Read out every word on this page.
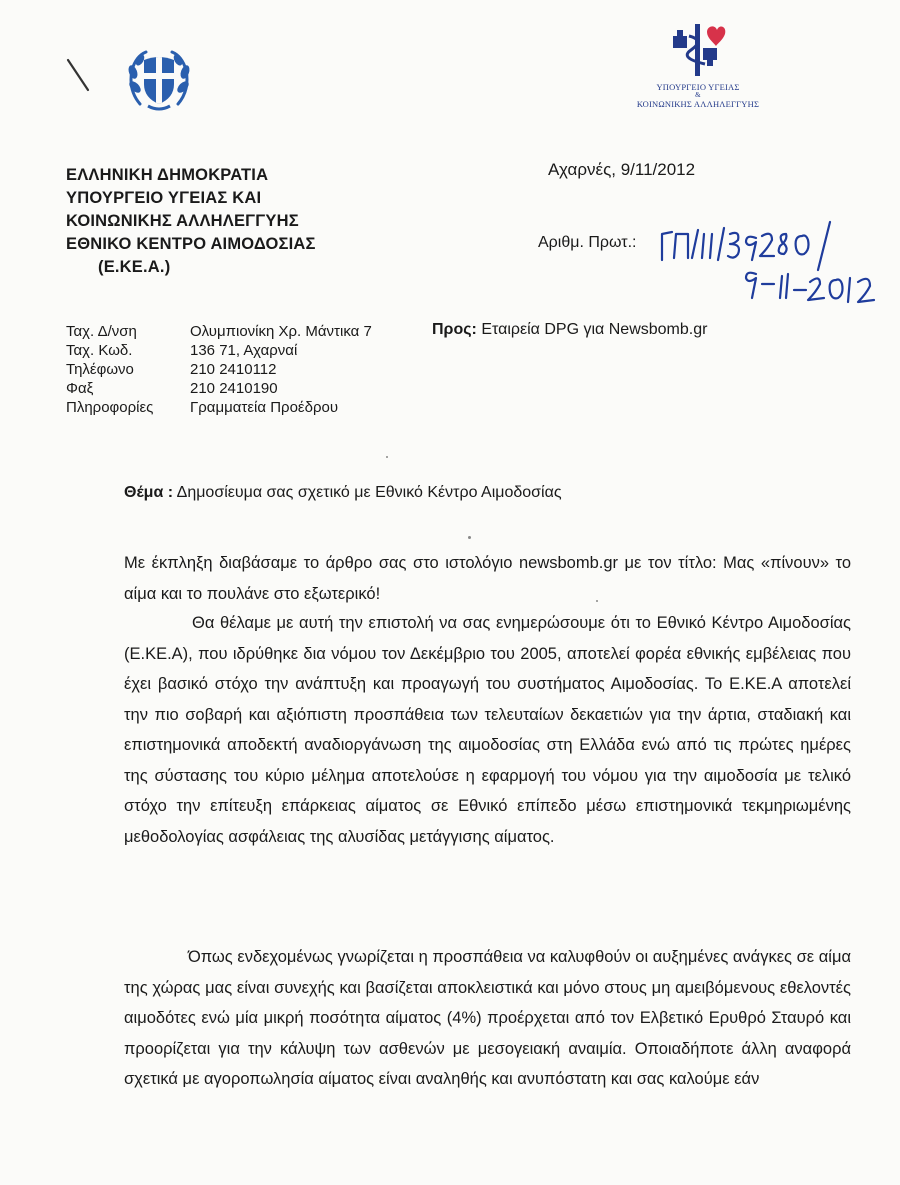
ΥΠΟΥΡΓΕΙΟ ΥΓΕΙΑΣ
&
ΚΟΙΝΩΝΙΚΗΣ ΑΛΛΗΛΕΓΓΥΗΣ
ΕΛΛΗΝΙΚΗ ΔΗΜΟΚΡΑΤΙΑ
ΥΠΟΥΡΓΕΙΟ ΥΓΕΙΑΣ ΚΑΙ
ΚΟΙΝΩΝΙΚΗΣ ΑΛΛΗΛΕΓΓΥΗΣ
ΕΘΝΙΚΟ ΚΕΝΤΡΟ ΑΙΜΟΔΟΣΙΑΣ
(Ε.ΚΕ.Α.)
Αχαρνές, 9/11/2012
Αριθμ. Πρωτ.:
Ταχ. Δ/νση	Ολυμπιονίκη Χρ. Μάντικα 7
Ταχ. Κωδ.	136 71, Αχαρναί
Τηλέφωνο	210 2410112
Φαξ	210 2410190
Πληροφορίες	Γραμματεία Προέδρου
Προς: Εταιρεία DPG για Newsbomb.gr
Θέμα : Δημοσίευμα σας σχετικό με Εθνικό Κέντρο Αιμοδοσίας
Με έκπληξη διαβάσαμε το άρθρο σας στο ιστολόγιο newsbomb.gr με τον τίτλο: Μας «πίνουν» το αίμα και το πουλάνε στο εξωτερικό!
Θα θέλαμε με αυτή την επιστολή να σας ενημερώσουμε ότι το Εθνικό Κέντρο Αιμοδοσίας (Ε.ΚΕ.Α), που ιδρύθηκε δια νόμου τον Δεκέμβριο του 2005, αποτελεί φορέα εθνικής εμβέλειας που έχει βασικό στόχο την ανάπτυξη και προαγωγή του συστήματος Αιμοδοσίας. Το Ε.ΚΕ.Α αποτελεί την πιο σοβαρή και αξιόπιστη προσπάθεια των τελευταίων δεκαετιών για την άρτια, σταδιακή και επιστημονικά αποδεκτή αναδιοργάνωση της αιμοδοσίας στη Ελλάδα ενώ από τις πρώτες ημέρες της σύστασης του κύριο μέλημα αποτελούσε η εφαρμογή του νόμου για την αιμοδοσία με τελικό στόχο την επίτευξη επάρκειας αίματος σε Εθνικό επίπεδο μέσω επιστημονικά τεκμηριωμένης μεθοδολογίας ασφάλειας της αλυσίδας μετάγγισης αίματος.
Όπως ενδεχομένως γνωρίζεται η προσπάθεια να καλυφθούν οι αυξημένες ανάγκες σε αίμα της χώρας μας είναι συνεχής και βασίζεται αποκλειστικά και μόνο στους μη αμειβόμενους εθελοντές αιμοδότες ενώ μία μικρή ποσότητα αίματος (4%) προέρχεται από τον Ελβετικό Ερυθρό Σταυρό και προορίζεται για την κάλυψη των ασθενών με μεσογειακή αναιμία. Οποιαδήποτε άλλη αναφορά σχετικά με αγοροπωλησία αίματος είναι αναληθής και ανυπόστατη και σας καλούμε εάν
